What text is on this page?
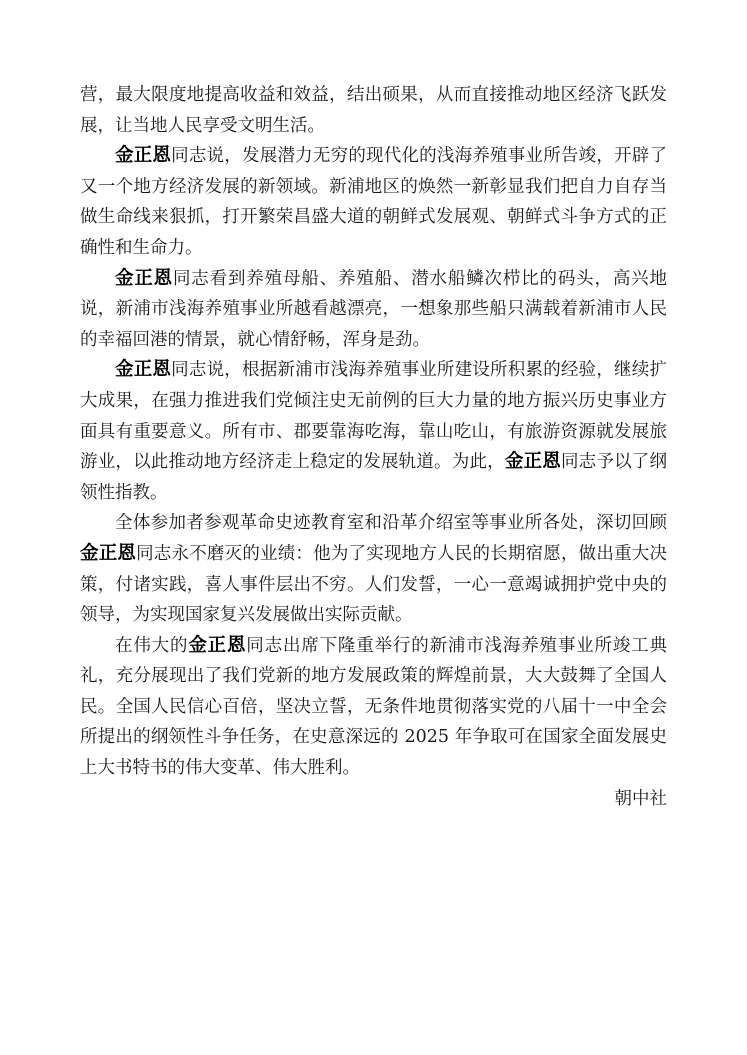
营，最大限度地提高收益和效益，结出硕果，从而直接推动地区经济飞跃发展，让当地人民享受文明生活。

金正恩同志说，发展潜力无穷的现代化的浅海养殖事业所告竣，开辟了又一个地方经济发展的新领域。新浦地区的焕然一新彰显我们把自力自存当做生命线来狠抓，打开繁荣昌盛大道的朝鲜式发展观、朝鲜式斗争方式的正确性和生命力。

金正恩同志看到养殖母船、养殖船、潜水船鳞次栉比的码头，高兴地说，新浦市浅海养殖事业所越看越漂亮，一想象那些船只满载着新浦市人民的幸福回港的情景，就心情舒畅，浑身是劲。

金正恩同志说，根据新浦市浅海养殖事业所建设所积累的经验，继续扩大成果，在强力推进我们党倾注史无前例的巨大力量的地方振兴历史事业方面具有重要意义。所有市、郡要靠海吃海，靠山吃山，有旅游资源就发展旅游业，以此推动地方经济走上稳定的发展轨道。为此，金正恩同志予以了纲领性指教。

全体参加者参观革命史迹教育室和沿革介绍室等事业所各处，深切回顾金正恩同志永不磨灭的业绩：他为了实现地方人民的长期宿愿，做出重大决策，付诸实践，喜人事件层出不穷。人们发誓，一心一意竭诚拥护党中央的领导，为实现国家复兴发展做出实际贡献。

在伟大的金正恩同志出席下隆重举行的新浦市浅海养殖事业所竣工典礼，充分展现出了我们党新的地方发展政策的辉煌前景，大大鼓舞了全国人民。全国人民信心百倍，坚决立誓，无条件地贯彻落实党的八届十一中全会所提出的纲领性斗争任务，在史意深远的 2025 年争取可在国家全面发展史上大书特书的伟大变革、伟大胜利。

朝中社
